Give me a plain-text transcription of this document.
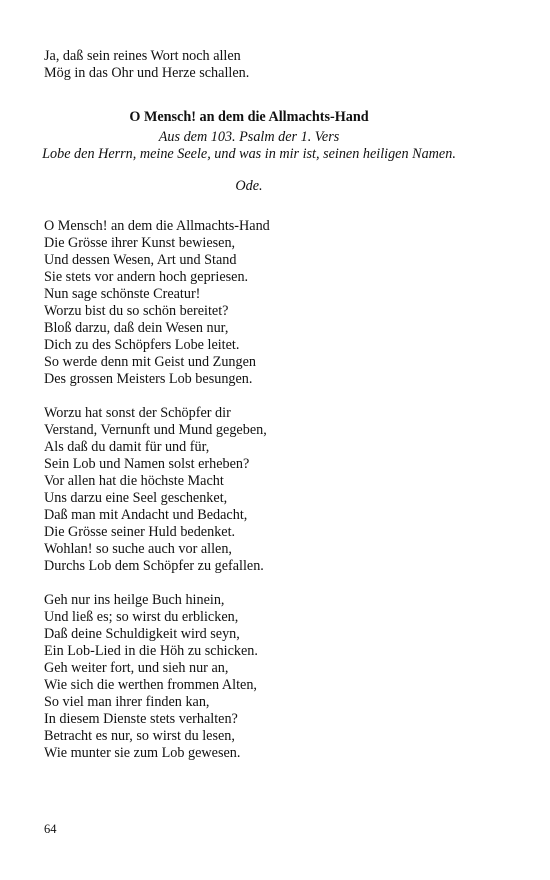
Ja, daß sein reines Wort noch allen
Mög in das Ohr und Herze schallen.
O Mensch! an dem die Allmachts-Hand
Aus dem 103. Psalm der 1. Vers
Lobe den Herrn, meine Seele, und was in mir ist, seinen heiligen Namen.
Ode.
O Mensch! an dem die Allmachts-Hand
Die Grösse ihrer Kunst bewiesen,
Und dessen Wesen, Art und Stand
Sie stets vor andern hoch gepriesen.
Nun sage schönste Creatur!
Worzu bist du so schön bereitet?
Bloß darzu, daß dein Wesen nur,
Dich zu des Schöpfers Lobe leitet.
So werde denn mit Geist und Zungen
Des grossen Meisters Lob besungen.
Worzu hat sonst der Schöpfer dir
Verstand, Vernunft und Mund gegeben,
Als daß du damit für und für,
Sein Lob und Namen solst erheben?
Vor allen hat die höchste Macht
Uns darzu eine Seel geschenket,
Daß man mit Andacht und Bedacht,
Die Grösse seiner Huld bedenket.
Wohlan! so suche auch vor allen,
Durchs Lob dem Schöpfer zu gefallen.
Geh nur ins heilge Buch hinein,
Und ließ es; so wirst du erblicken,
Daß deine Schuldigkeit wird seyn,
Ein Lob-Lied in die Höh zu schicken.
Geh weiter fort, und sieh nur an,
Wie sich die werthen frommen Alten,
So viel man ihrer finden kan,
In diesem Dienste stets verhalten?
Betracht es nur, so wirst du lesen,
Wie munter sie zum Lob gewesen.
64
